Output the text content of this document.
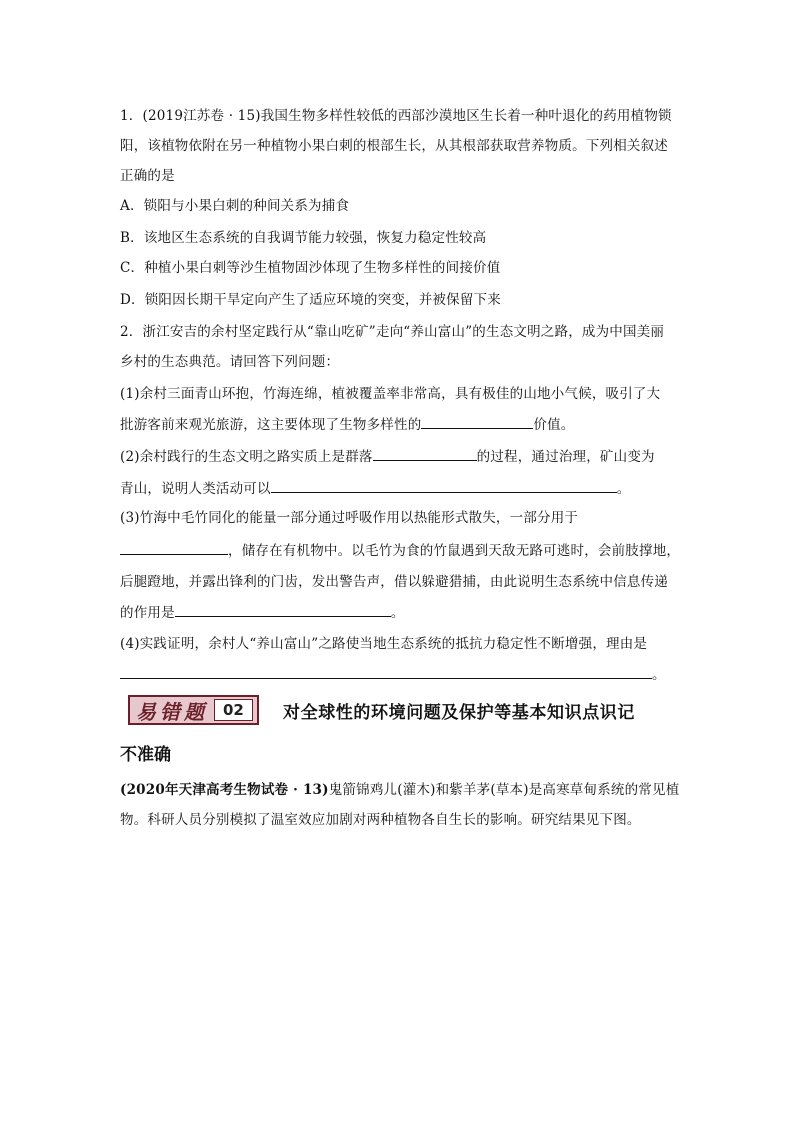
1．(2019江苏卷 · 15)我国生物多样性较低的西部沙漠地区生长着一种叶退化的药用植物锁
阳，该植物依附在另一种植物小果白刺的根部生长，从其根部获取营养物质。下列相关叙述
正确的是
A．锁阳与小果白刺的种间关系为捕食
B．该地区生态系统的自我调节能力较强，恢复力稳定性较高
C．种植小果白刺等沙生植物固沙体现了生物多样性的间接价值
D．锁阳因长期干旱定向产生了适应环境的突变，并被保留下来
2．浙江安吉的余村坚定践行从“靠山吃矿”走向“养山富山”的生态文明之路，成为中国美丽
乡村的生态典范。请回答下列问题：
(1)余村三面青山环抱，竹海连绵，植被覆盖率非常高，具有极佳的山地小气候，吸引了大
批游客前来观光旅游，这主要体现了生物多样性的	价值。
(2)余村践行的生态文明之路实质上是群落	的过程，通过治理，矿山变为
青山，说明人类活动可以	。
(3)竹海中毛竹同化的能量一部分通过呼吸作用以热能形式散失，一部分用于
，储存在有机物中。以毛竹为食的竹鼠遇到天敌无路可逃时，会前肢撑地，
后腿蹬地，并露出锋利的门齿，发出警告声，借以躲避猎捕，由此说明生态系统中信息传递
的作用是	。
(4)实践证明，余村人“养山富山”之路使当地生态系统的抵抗力稳定性不断增强，理由是
。
易错题	02	对全球性的环境问题及保护等基本知识点识记
不准确
(2020年天津高考生物试卷 · 13)鬼箭锦鸡儿(灌木)和紫羊茅(草本)是高寒草甸系统的常见植
物。科研人员分别模拟了温室效应加剧对两种植物各自生长的影响。研究结果见下图。
